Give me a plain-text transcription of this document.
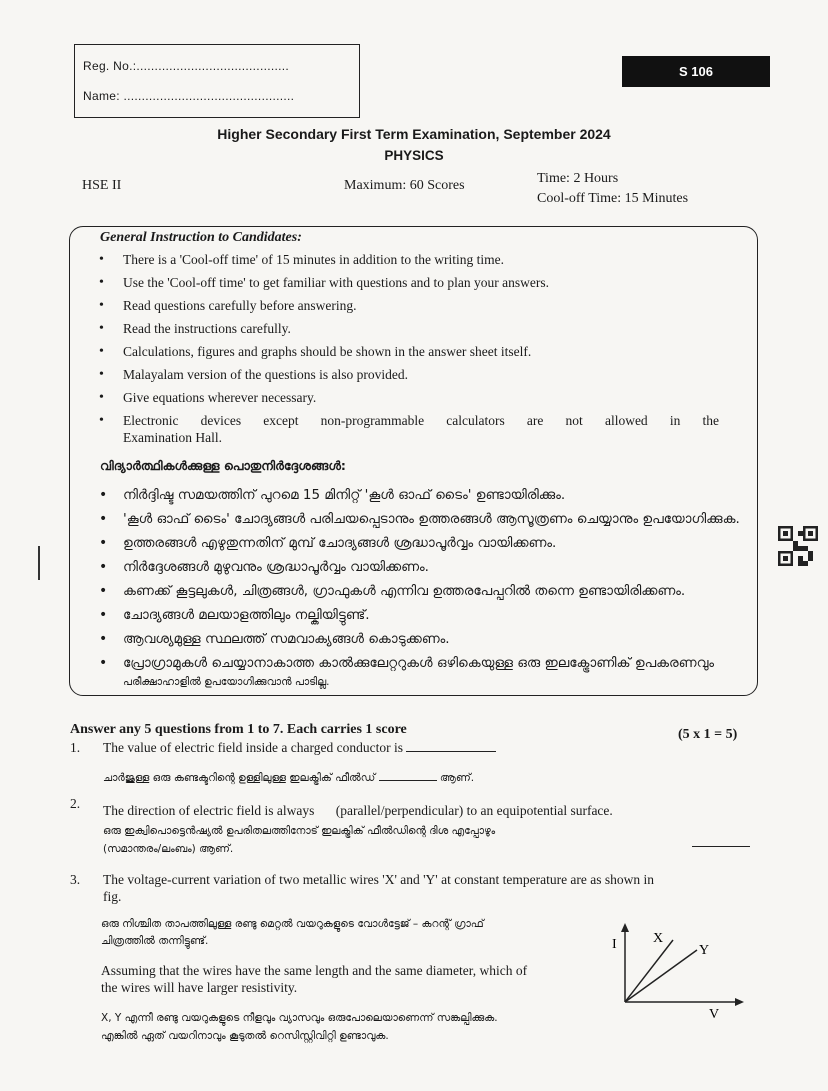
Reg. No.:..........................................
Name: ...............................................
S 106
Higher Secondary First Term Examination, September 2024
PHYSICS
HSE II	Maximum: 60 Scores	Time: 2 Hours
Cool-off Time: 15 Minutes
General Instruction to Candidates:
• There is a 'Cool-off time' of 15 minutes in addition to the writing time.
• Use the 'Cool-off time' to get familiar with questions and to plan your answers.
• Read questions carefully before answering.
• Read the instructions carefully.
• Calculations, figures and graphs should be shown in the answer sheet itself.
• Malayalam version of the questions is also provided.
• Give equations wherever necessary.
• Electronic devices except non-programmable calculators are not allowed in the
Examination Hall.
വിദ്യാർത്ഥികൾക്കുള്ള പൊതുനിർദ്ദേശങ്ങൾ:
• നിർദ്ദിഷ്ട സമയത്തിന് പുറമെ 15 മിനിറ്റ് 'കൂൾ ഓഫ് ടൈം' ഉണ്ടായിരിക്കും.
• 'കൂൾ ഓഫ് ടൈം' ചോദ്യങ്ങൾ പരിചയപ്പെടാനും ഉത്തരങ്ങൾ ആസൂത്രണം ചെയ്യാനും ഉപയോഗിക്കുക.
• ഉത്തരങ്ങൾ എഴുതുന്നതിന് മുമ്പ് ചോദ്യങ്ങൾ ശ്രദ്ധാപൂർവ്വം വായിക്കണം.
• നിർദ്ദേശങ്ങൾ മുഴുവനും ശ്രദ്ധാപൂർവ്വം വായിക്കണം.
• കണക്ക് കൂട്ടലുകൾ, ചിത്രങ്ങൾ, ഗ്രാഫുകൾ എന്നിവ ഉത്തരപേപ്പറിൽ തന്നെ ഉണ്ടായിരിക്കണം.
• ചോദ്യങ്ങൾ മലയാളത്തിലും നല്കിയിട്ടുണ്ട്.
• ആവശ്യമുള്ള സ്ഥലത്ത് സമവാക്യങ്ങൾ കൊടുക്കണം.
• പ്രോഗ്രാമുകൾ ചെയ്യാനാകാത്ത കാൽക്കുലേറ്ററുകൾ ഒഴികെയുള്ള ഒരു ഇലക്ട്രോണിക് ഉപകരണവും
പരീക്ഷാഹാളിൽ ഉപയോഗിക്കുവാൻ പാടില്ല.
Answer any 5 questions from 1 to 7. Each carries 1 score	(5 x 1 = 5)
1. The value of electric field inside a charged conductor is
ചാർജുള്ള ഒരു കണ്ടക്ടറിന്റെ ഉള്ളിലുള്ള ഇലക്ട്രിക് ഫീൽഡ്	ആണ്.
2. The direction of electric field is always (parallel/perpendicular) to an equipotential surface.
ഒരു ഇക്വിപൊട്ടെൻഷ്യൽ ഉപരിതലത്തിനോട് ഇലക്ട്രിക് ഫീൽഡിന്റെ ദിശ എപ്പോഴും
(സമാന്തരം/ലംബം) ആണ്.
3. The voltage-current variation of two metallic wires 'X' and 'Y' at constant temperature are as shown in
fig.
ഒരു നിശ്ചിത താപത്തിലുള്ള രണ്ടു മെറ്റൽ വയറുകളുടെ വോൾട്ടേജ് – കറന്റ് ഗ്രാഫ്
ചിത്രത്തിൽ തന്നിട്ടുണ്ട്.
Assuming that the wires have the same length and the same diameter, which of
the wires will have larger resistivity.
X, Y എന്നീ രണ്ടു വയറുകളുടെ നീളവും വ്യാസവും ഒരുപോലെയാണെന്ന് സങ്കല്പിക്കുക.
എങ്കിൽ ഏത് വയറിനാവും കൂടുതൽ റെസിസ്റ്റിവിറ്റി ഉണ്ടാവുക.
I	X
Y
V
